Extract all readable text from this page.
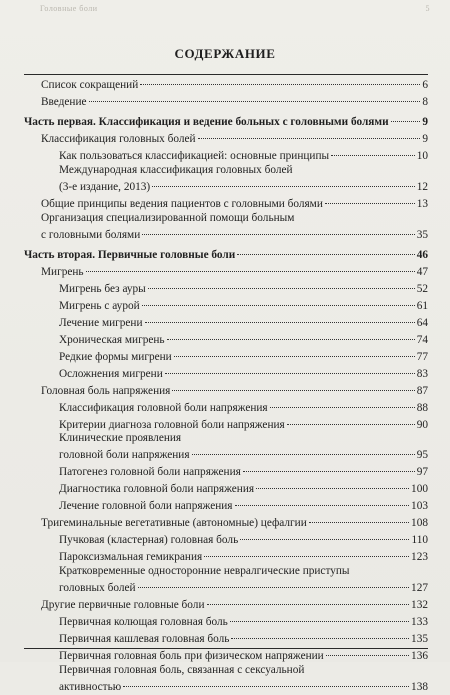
Головные боли	5
СОДЕРЖАНИЕ
Список сокращений	6
Введение	8
Часть первая. Классификация и ведение больных с головными болями	9
Классификация головных болей	9
Как пользоваться классификацией: основные принципы	10
Международная классификация головных болей
(3-е издание, 2013)	12
Общие принципы ведения пациентов с головными болями	13
Организация специализированной помощи больным
с головными болями	35
Часть вторая. Первичные головные боли	46
Мигрень	47
Мигрень без ауры	52
Мигрень с аурой	61
Лечение мигрени	64
Хроническая мигрень	74
Редкие формы мигрени	77
Осложнения мигрени	83
Головная боль напряжения	87
Классификация головной боли напряжения	88
Критерии диагноза головной боли напряжения	90
Клинические проявления
головной боли напряжения	95
Патогенез головной боли напряжения	97
Диагностика головной боли напряжения	100
Лечение головной боли напряжения	103
Тригеминальные вегетативные (автономные) цефалгии	108
Пучковая (кластерная) головная боль	110
Пароксизмальная гемикрания	123
Кратковременные односторонние невралгические приступы
головных болей	127
Другие первичные головные боли	132
Первичная колющая головная боль	133
Первичная кашлевая головная боль	135
Первичная головная боль при физическом напряжении	136
Первичная головная боль, связанная с сексуальной
активностью	138
